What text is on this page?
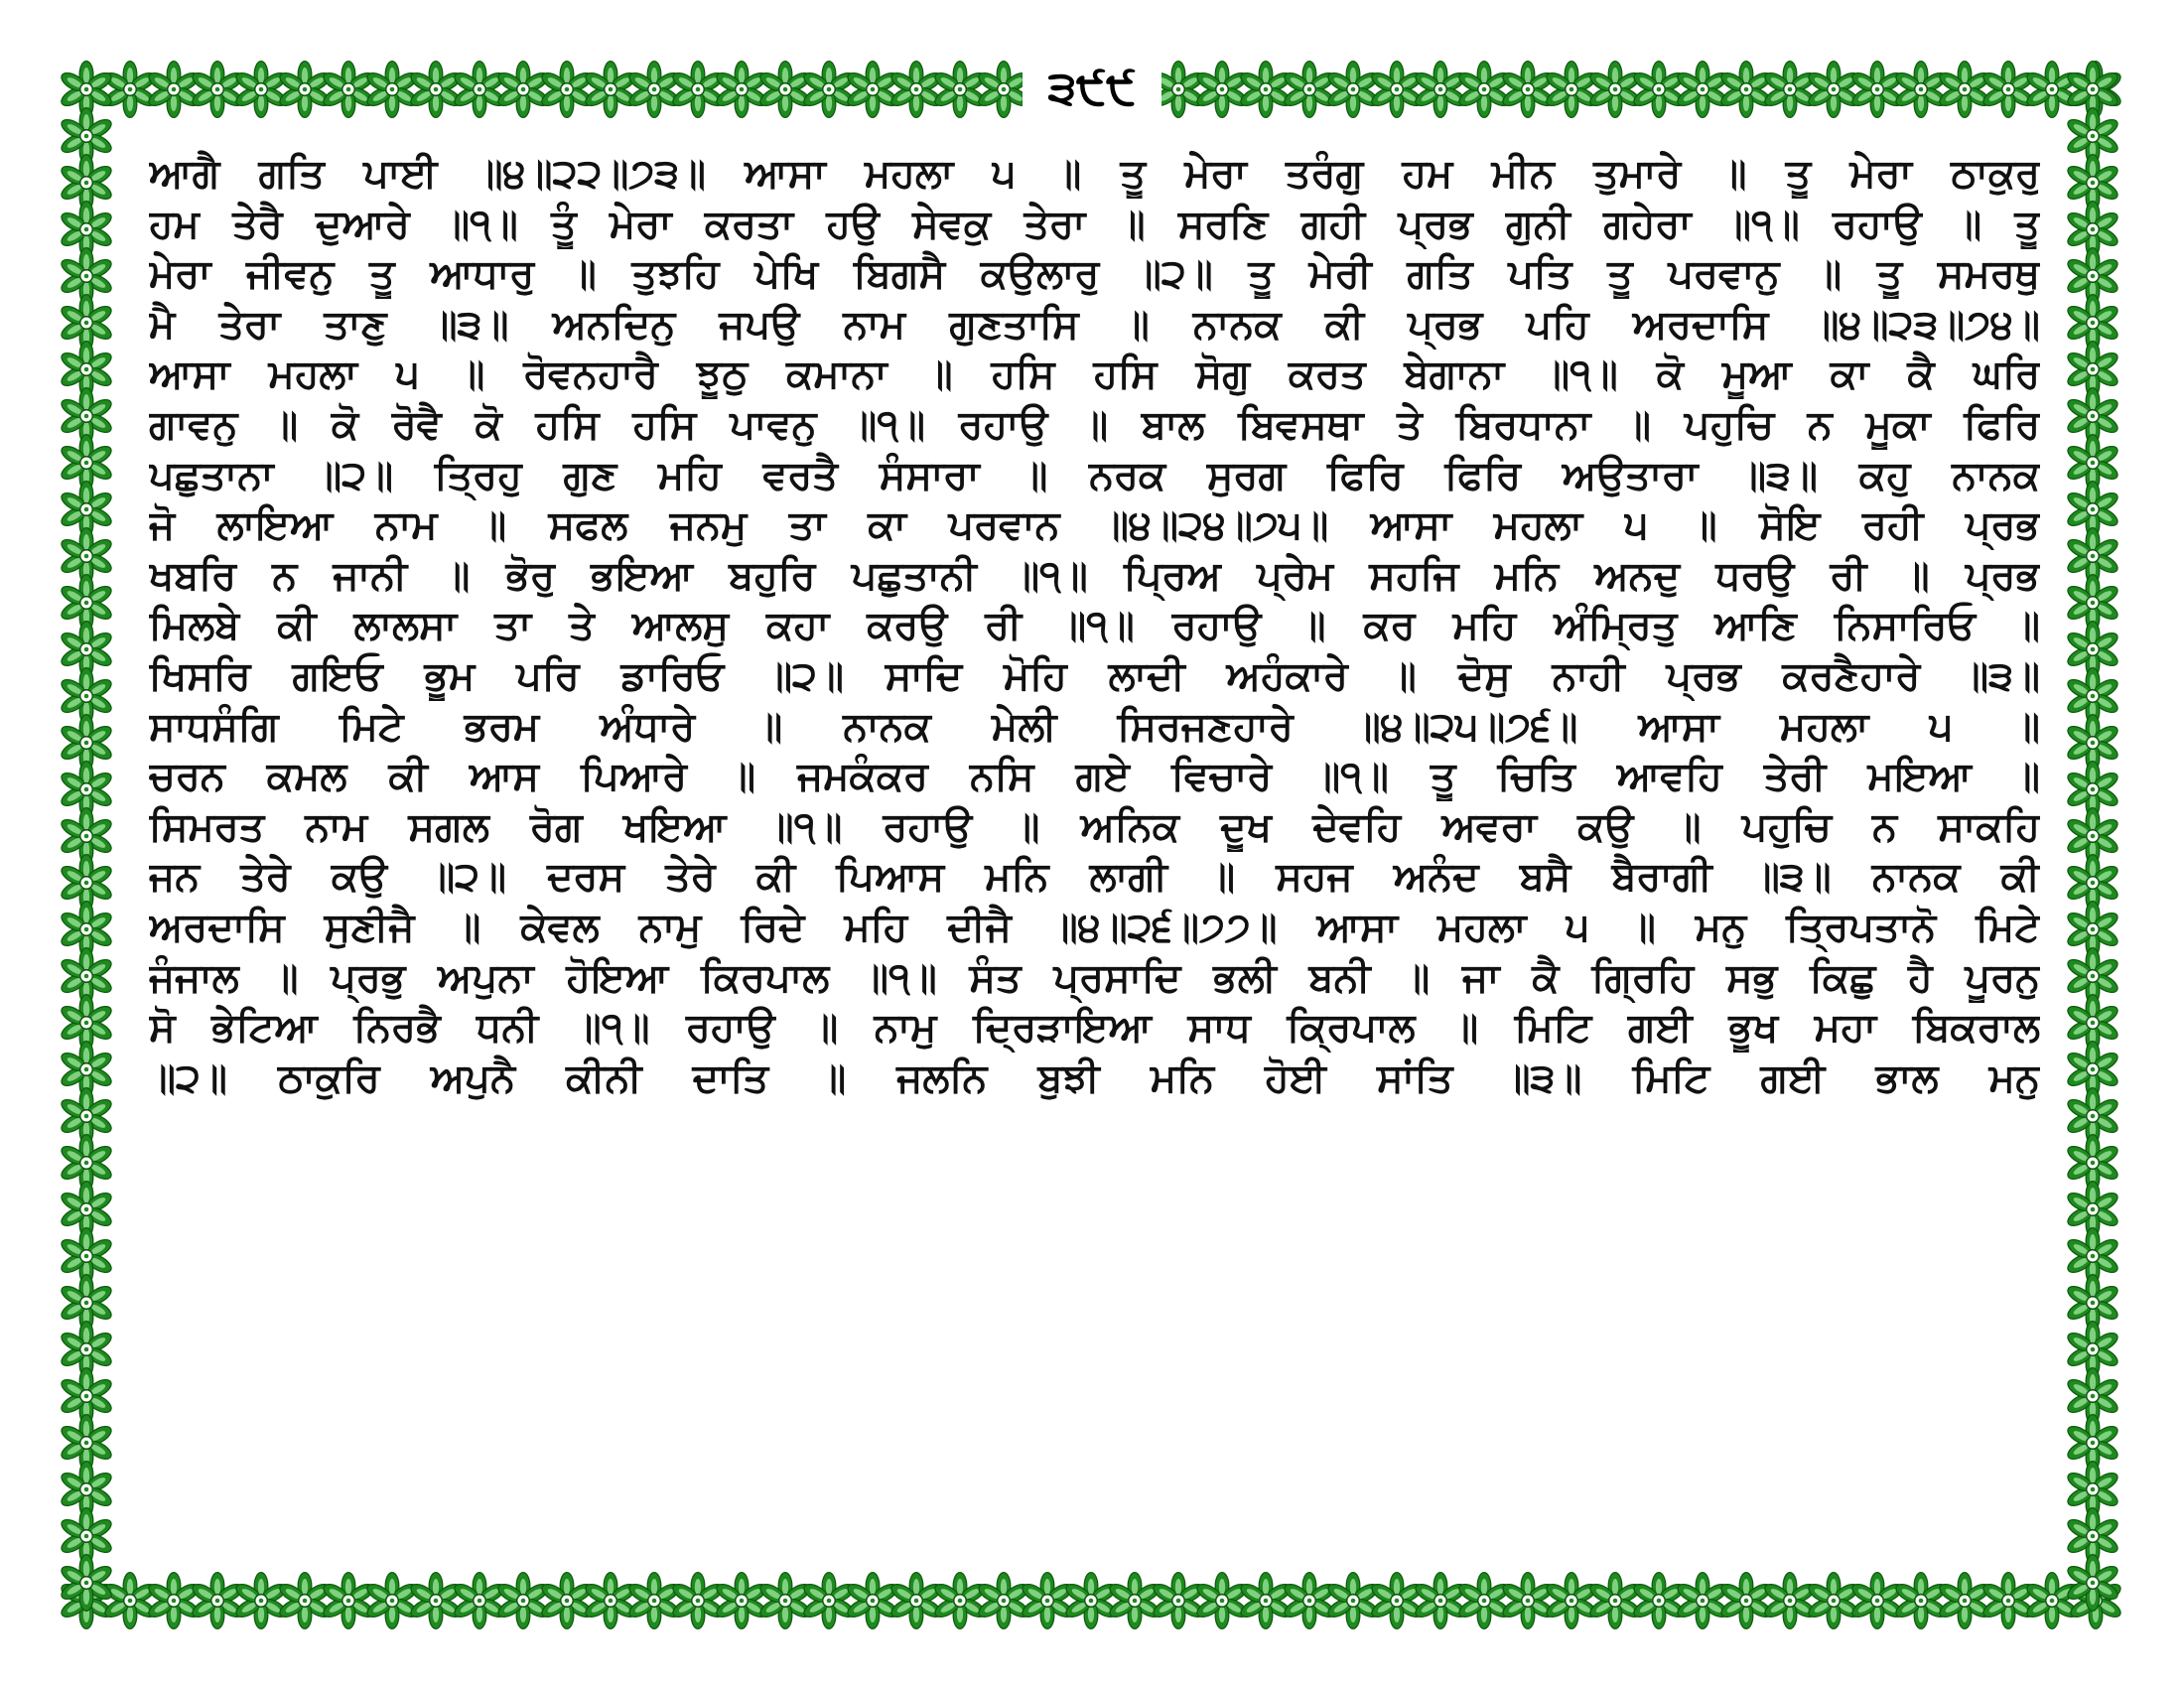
੩੯੯
ਆਗੈ ਗਤਿ ਪਾਈ ॥੪॥੨੨॥੭੩॥ ਆਸਾ ਮਹਲਾ ੫ ॥ ਤੂ ਮੇਰਾ ਤਰੰਗੁ ਹਮ ਮੀਨ ਤੁਮਾਰੇ ॥ ਤੂ ਮੇਰਾ ਠਾਕੁਰੁ
ਹਮ ਤੇਰੈ ਦੁਆਰੇ ॥੧॥ ਤੂੰ ਮੇਰਾ ਕਰਤਾ ਹਉ ਸੇਵਕੁ ਤੇਰਾ ॥ ਸਰਣਿ ਗਹੀ ਪ੍ਰਭ ਗੁਨੀ ਗਹੇਰਾ ॥੧॥ ਰਹਾਉ ॥ ਤੂ
ਮੇਰਾ ਜੀਵਨੁ ਤੂ ਆਧਾਰੁ ॥ ਤੁਝਹਿ ਪੇਖਿ ਬਿਗਸੈ ਕਉਲਾਰੁ ॥੨॥ ਤੂ ਮੇਰੀ ਗਤਿ ਪਤਿ ਤੂ ਪਰਵਾਨੁ ॥ ਤੂ ਸਮਰਥੁ
ਮੈ ਤੇਰਾ ਤਾਣੁ ॥੩॥ ਅਨਦਿਨੁ ਜਪਉ ਨਾਮ ਗੁਣਤਾਸਿ ॥ ਨਾਨਕ ਕੀ ਪ੍ਰਭ ਪਹਿ ਅਰਦਾਸਿ ॥੪॥੨੩॥੭੪॥
ਆਸਾ ਮਹਲਾ ੫ ॥ ਰੋਵਨਹਾਰੈ ਝੂਠੁ ਕਮਾਨਾ ॥ ਹਸਿ ਹਸਿ ਸੋਗੁ ਕਰਤ ਬੇਗਾਨਾ ॥੧॥ ਕੋ ਮੂਆ ਕਾ ਕੈ ਘਰਿ
ਗਾਵਨੁ ॥ ਕੋ ਰੋਵੈ ਕੋ ਹਸਿ ਹਸਿ ਪਾਵਨੁ ॥੧॥ ਰਹਾਉ ॥ ਬਾਲ ਬਿਵਸਥਾ ਤੇ ਬਿਰਧਾਨਾ ॥ ਪਹੁਚਿ ਨ ਮੂਕਾ ਫਿਰਿ
ਪਛੁਤਾਨਾ ॥੨॥ ਤ੍ਰਿਹੁ ਗੁਣ ਮਹਿ ਵਰਤੈ ਸੰਸਾਰਾ ॥ ਨਰਕ ਸੁਰਗ ਫਿਰਿ ਫਿਰਿ ਅਉਤਾਰਾ ॥੩॥ ਕਹੁ ਨਾਨਕ
ਜੋ ਲਾਇਆ ਨਾਮ ॥ ਸਫਲ ਜਨਮੁ ਤਾ ਕਾ ਪਰਵਾਨ ॥੪॥੨੪॥੭੫॥ ਆਸਾ ਮਹਲਾ ੫ ॥ ਸੋਇ ਰਹੀ ਪ੍ਰਭ
ਖਬਰਿ ਨ ਜਾਨੀ ॥ ਭੋਰੁ ਭਇਆ ਬਹੁਰਿ ਪਛੁਤਾਨੀ ॥੧॥ ਪ੍ਰਿਅ ਪ੍ਰੇਮ ਸਹਜਿ ਮਨਿ ਅਨਦੁ ਧਰਉ ਰੀ ॥ ਪ੍ਰਭ
ਮਿਲਬੇ ਕੀ ਲਾਲਸਾ ਤਾ ਤੇ ਆਲਸੁ ਕਹਾ ਕਰਉ ਰੀ ॥੧॥ ਰਹਾਉ ॥ ਕਰ ਮਹਿ ਅੰਮ੍ਰਿਤੁ ਆਣਿ ਨਿਸਾਰਿਓ ॥
ਖਿਸਰਿ ਗਇਓ ਭੂਮ ਪਰਿ ਡਾਰਿਓ ॥੨॥ ਸਾਦਿ ਮੋਹਿ ਲਾਦੀ ਅਹੰਕਾਰੇ ॥ ਦੋਸੁ ਨਾਹੀ ਪ੍ਰਭ ਕਰਣੈਹਾਰੇ ॥੩॥
ਸਾਧਸੰਗਿ ਮਿਟੇ ਭਰਮ ਅੰਧਾਰੇ ॥ ਨਾਨਕ ਮੇਲੀ ਸਿਰਜਣਹਾਰੇ ॥੪॥੨੫॥੭੬॥ ਆਸਾ ਮਹਲਾ ੫ ॥
ਚਰਨ ਕਮਲ ਕੀ ਆਸ ਪਿਆਰੇ ॥ ਜਮਕੰਕਰ ਨਸਿ ਗਏ ਵਿਚਾਰੇ ॥੧॥ ਤੂ ਚਿਤਿ ਆਵਹਿ ਤੇਰੀ ਮਇਆ ॥
ਸਿਮਰਤ ਨਾਮ ਸਗਲ ਰੋਗ ਖਇਆ ॥੧॥ ਰਹਾਉ ॥ ਅਨਿਕ ਦੂਖ ਦੇਵਹਿ ਅਵਰਾ ਕਉ ॥ ਪਹੁਚਿ ਨ ਸਾਕਹਿ
ਜਨ ਤੇਰੇ ਕਉ ॥੨॥ ਦਰਸ ਤੇਰੇ ਕੀ ਪਿਆਸ ਮਨਿ ਲਾਗੀ ॥ ਸਹਜ ਅਨੰਦ ਬਸੈ ਬੈਰਾਗੀ ॥੩॥ ਨਾਨਕ ਕੀ
ਅਰਦਾਸਿ ਸੁਣੀਜੈ ॥ ਕੇਵਲ ਨਾਮੁ ਰਿਦੇ ਮਹਿ ਦੀਜੈ ॥੪॥੨੬॥੭੭॥ ਆਸਾ ਮਹਲਾ ੫ ॥ ਮਨੁ ਤ੍ਰਿਪਤਾਨੋ ਮਿਟੇ
ਜੰਜਾਲ ॥ ਪ੍ਰਭੁ ਅਪੁਨਾ ਹੋਇਆ ਕਿਰਪਾਲ ॥੧॥ ਸੰਤ ਪ੍ਰਸਾਦਿ ਭਲੀ ਬਨੀ ॥ ਜਾ ਕੈ ਗ੍ਰਿਹਿ ਸਭੁ ਕਿਛੁ ਹੈ ਪੂਰਨੁ
ਸੋ ਭੇਟਿਆ ਨਿਰਭੈ ਧਨੀ ॥੧॥ ਰਹਾਉ ॥ ਨਾਮੁ ਦ੍ਰਿੜਾਇਆ ਸਾਧ ਕ੍ਰਿਪਾਲ ॥ ਮਿਟਿ ਗਈ ਭੂਖ ਮਹਾ ਬਿਕਰਾਲ
॥੨॥ ਠਾਕੁਰਿ ਅਪੁਨੈ ਕੀਨੀ ਦਾਤਿ ॥ ਜਲਨਿ ਬੁਝੀ ਮਨਿ ਹੋਈ ਸਾਂਤਿ ॥੩॥ ਮਿਟਿ ਗਈ ਭਾਲ ਮਨੁ
